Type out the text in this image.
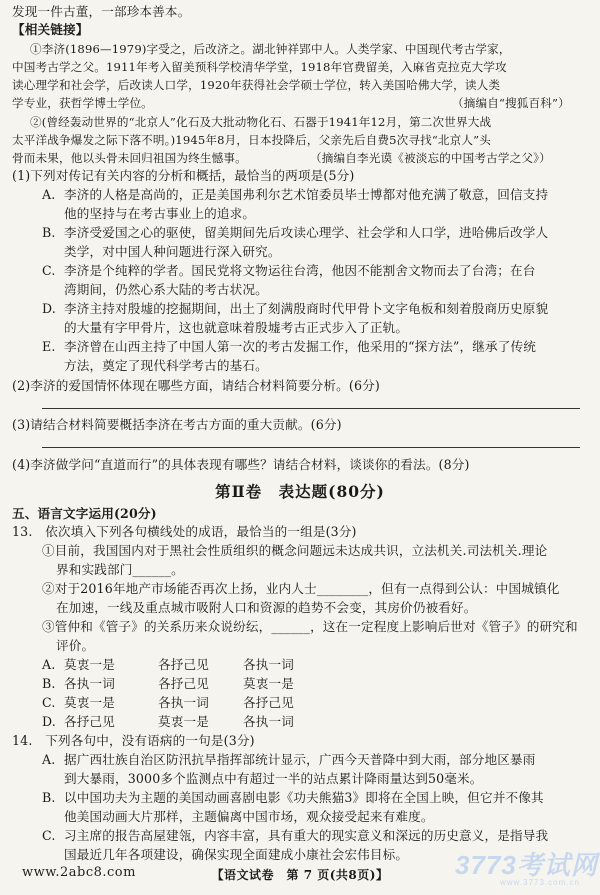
发现一件古董，一部珍本善本。
【相关链接】
①李济(1896—1979)字受之，后改济之。湖北钟祥郢中人。人类学家、中国现代考古学家，
中国考古学之父。1911年考入留美预科学校清华学堂，1918年官费留美，入麻省克拉克大学攻
读心理学和社会学，后改读人口学，1920年获得社会学硕士学位，转入美国哈佛大学，读人类
学专业，获哲学博士学位。	（摘编自“搜狐百科”）
②(曾经轰动世界的“北京人”化石及大批动物化石、石器于1941年12月，第二次世界大战
太平洋战争爆发之际下落不明。)1945年8月，日本投降后，父亲先后自费5次寻找“北京人”头
骨而未果，他以头骨未回归祖国为终生憾事。	（摘编自李光谟《被淡忘的中国考古学之父》）
(1)下列对传记有关内容的分析和概括，最恰当的两项是(5分)
A. 李济的人格是高尚的，正是美国弗利尔艺术馆委员毕士博都对他充满了敬意，回信支持
他的坚持与在考古事业上的追求。
B. 李济受爱国之心的驱使，留美期间先后攻读心理学、社会学和人口学，进哈佛后改学人
类学，对中国人种问题进行深入研究。
C. 李济是个纯粹的学者。国民党将文物运往台湾，他因不能割舍文物而去了台湾；在台
湾期间，仍然心系大陆的考古状况。
D. 李济主持对殷墟的挖掘期间，出土了刻满殷商时代甲骨卜文字龟板和刻着殷商历史原貌
的大量有字甲骨片，这也就意味着殷墟考古正式步入了正轨。
E. 李济曾在山西主持了中国人第一次的考古发掘工作，他采用的“探方法”，继承了传统
方法，奠定了现代科学考古的基石。
(2)李济的爱国情怀体现在哪些方面，请结合材料简要分析。(6分)
(3)请结合材料简要概括李济在考古方面的重大贡献。(6分)
(4)李济做学问“直道而行”的具体表现有哪些？请结合材料，谈谈你的看法。(8分)
第Ⅱ卷　表达题(80分)
五、语言文字运用(20分)
13.　依次填入下列各句横线处的成语，最恰当的一组是(3分)
①目前，我国国内对于黑社会性质组织的概念问题远未达成共识，立法机关.司法机关.理论
界和实践部门______。
②对于2016年地产市场能否再次上扬，业内人士________，但有一点得到公认：中国城镇化
在加速，一线及重点城市吸附人口和资源的趋势不会变，其房价仍被看好。
③管仲和《管子》的关系历来众说纷纭，______，这在一定程度上影响后世对《管子》的研究和
评价。
A. 莫衷一是	各抒己见	各执一词
B. 各执一词	各抒己见	莫衷一是
C. 莫衷一是	各执一词	各抒己见
D. 各抒己见	莫衷一是	各执一词
14.　下列各句中，没有语病的一句是(3分)
A. 据广西壮族自治区防汛抗旱指挥部统计显示，广西今天普降中到大雨，部分地区暴雨
到大暴雨，3000多个监测点中有超过一半的站点累计降雨量达到50毫米。
B. 以中国功夫为主题的美国动画喜剧电影《功夫熊猫3》即将在全国上映，但它并不像其
他美国动画大片那样，主题偏离中国市场，观众接受起来有难度。
C. 习主席的报告高屋建瓴，内容丰富，具有重大的现实意义和深远的历史意义，是指导我
国最近几年各项建设，确保实现全面建成小康社会宏伟目标。 3773考试网
www.3773.com.cn
www.2abc8.com	【语文试卷　第 7 页(共8页)】
